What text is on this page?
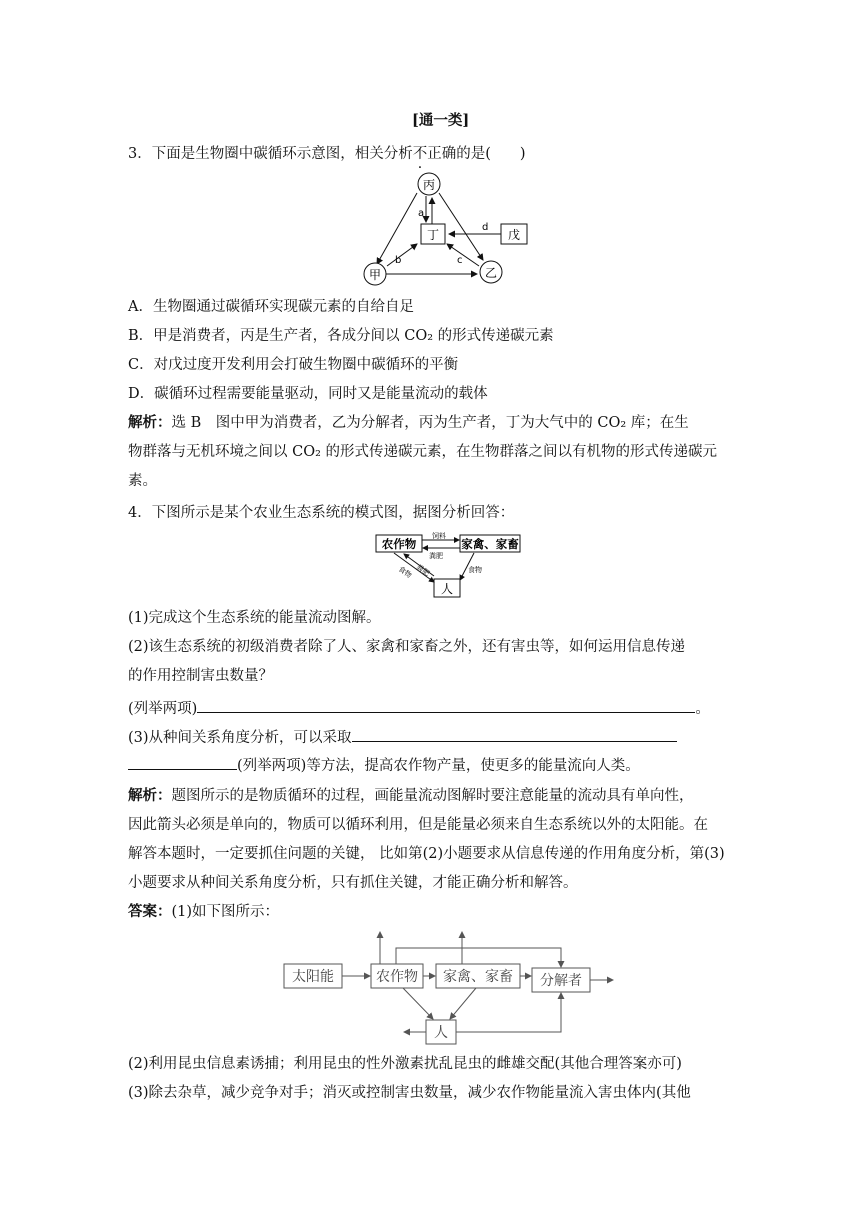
[通一类]
3．下面是生物圈中碳循环示意图，相关分析不正确的是(　　)
丙
丁	戊
甲	乙
a
b	c
d
A．生物圈通过碳循环实现碳元素的自给自足
B．甲是消费者，丙是生产者，各成分间以 CO₂ 的形式传递碳元素
C．对戊过度开发利用会打破生物圈中碳循环的平衡
D．碳循环过程需要能量驱动，同时又是能量流动的载体
解析：选 B　图中甲为消费者，乙为分解者，丙为生产者，丁为大气中的 CO₂ 库；在生
物群落与无机环境之间以 CO₂ 的形式传递碳元素，在生物群落之间以有机物的形式传递碳元
素。
4．下图所示是某个农业生态系统的模式图，据图分析回答：
农作物	家禽、家畜
人
饲料
粪肥
粪肥
食物	食物
(1)完成这个生态系统的能量流动图解。
(2)该生态系统的初级消费者除了人、家禽和家畜之外，还有害虫等，如何运用信息传递
的作用控制害虫数量？
(列举两项)	。
(3)从种间关系角度分析，可以采取
(列举两项)等方法，提高农作物产量，使更多的能量流向人类。
解析：题图所示的是物质循环的过程，画能量流动图解时要注意能量的流动具有单向性，
因此箭头必须是单向的，物质可以循环利用，但是能量必须来自生态系统以外的太阳能。在
解答本题时，一定要抓住问题的关键， 比如第(2)小题要求从信息传递的作用角度分析，第(3)
小题要求从种间关系角度分析，只有抓住关键，才能正确分析和解答。
答案：(1)如下图所示：
太阳能	农作物 家禽、家畜 分解者
人
(2)利用昆虫信息素诱捕；利用昆虫的性外激素扰乱昆虫的雌雄交配(其他合理答案亦可)
(3)除去杂草，减少竞争对手；消灭或控制害虫数量，减少农作物能量流入害虫体内(其他
